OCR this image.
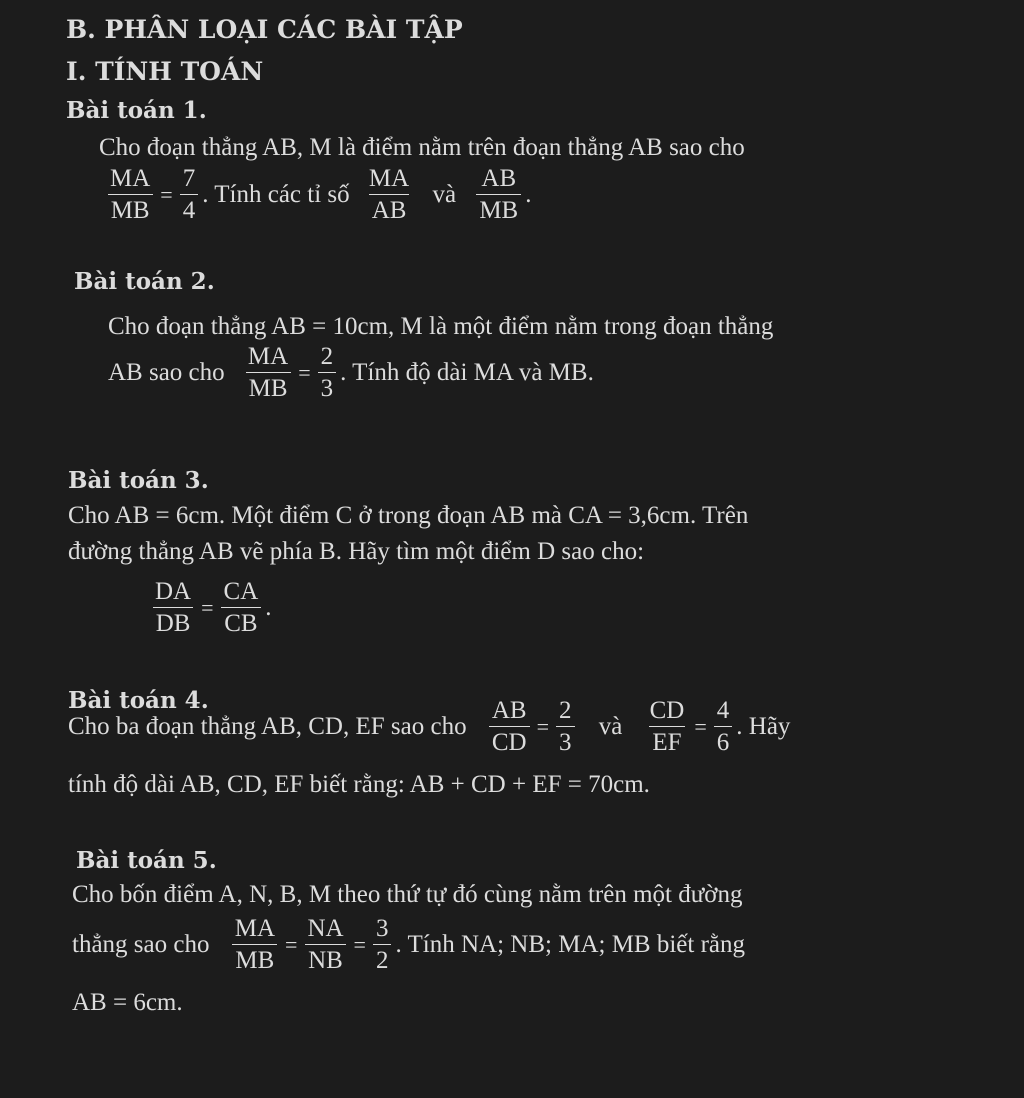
B. PHÂN LOẠI CÁC BÀI TẬP
I. TÍNH TOÁN
Bài toán 1.
Cho đoạn thẳng AB, M là điểm nằm trên đoạn thẳng AB sao cho
$\frac{MA}{MB} = \frac{7}{4}$ . Tính các tỉ số $\frac{MA}{AB}$ và $\frac{AB}{MB}$ .
Bài toán 2.
Cho đoạn thẳng AB = 10cm, M là một điểm nằm trong đoạn thẳng
AB sao cho $\frac{MA}{MB} = \frac{2}{3}$ . Tính độ dài MA và MB.
Bài toán 3.
Cho AB = 6cm. Một điểm C ở trong đoạn AB mà CA = 3,6cm. Trên
đường thẳng AB vẽ phía B. Hãy tìm một điểm D sao cho:
$\frac{DA}{DB} = \frac{CA}{CB}$ .
Bài toán 4.
Cho ba đoạn thẳng AB, CD, EF sao cho $\frac{AB}{CD} = \frac{2}{3}$ và $\frac{CD}{EF} = \frac{4}{6}$ . Hãy
tính độ dài AB, CD, EF biết rằng: AB + CD + EF = 70cm.
Bài toán 5.
Cho bốn điểm A, N, B, M theo thứ tự đó cùng nằm trên một đường
thẳng sao cho $\frac{MA}{MB} = \frac{NA}{NB} = \frac{3}{2}$ . Tính NA; NB; MA; MB biết rằng
AB = 6cm.
